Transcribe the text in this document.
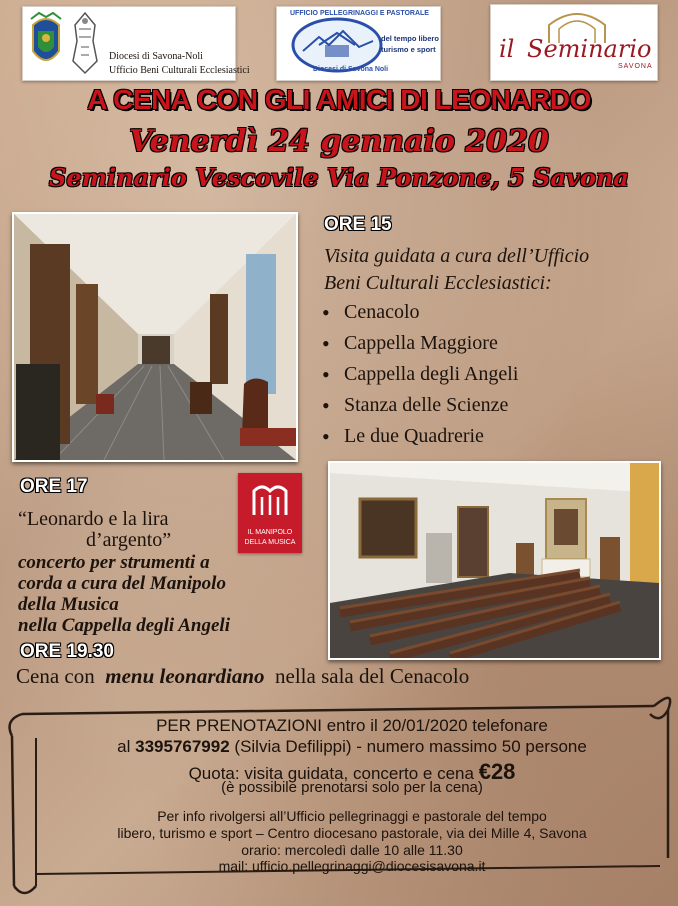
Diocesi di Savona-Noli
Ufficio Beni Culturali Ecclesiastici
UFFICIO PELLEGRINAGGI E PASTORALE
del tempo libero
turismo e sport
Diocesi di Savona Noli
il Seminario
SAVONA
A CENA CON GLI AMICI DI LEONARDO
Venerdì 24 gennaio 2020
Seminario Vescovile Via Ponzone, 5 Savona
ORE 15
Visita guidata a cura dell’Ufficio
Beni Culturali Ecclesiastici:
• Cenacolo
• Cappella Maggiore
• Cappella degli Angeli
• Stanza delle Scienze
• Le due Quadrerie
ORE 17
IL MANIPOLO
DELLA MUSICA
“Leonardo e la lira
d’argento”
concerto per strumenti a
corda a cura del Manipolo
della Musica
nella Cappella degli Angeli
ORE 19.30
Cena con menu leonardiano nella sala del Cenacolo
PER PRENOTAZIONI entro il 20/01/2020 telefonare
al 3395767992 (Silvia Defilippi) - numero massimo 50 persone
Quota: visita guidata, concerto e cena €28
(è possibile prenotarsi solo per la cena)
Per info rivolgersi all’Ufficio pellegrinaggi e pastorale del tempo
libero, turismo e sport – Centro diocesano pastorale, via dei Mille 4, Savona
orario: mercoledì dalle 10 alle 11.30
mail: ufficio.pellegrinaggi@diocesisavona.it
